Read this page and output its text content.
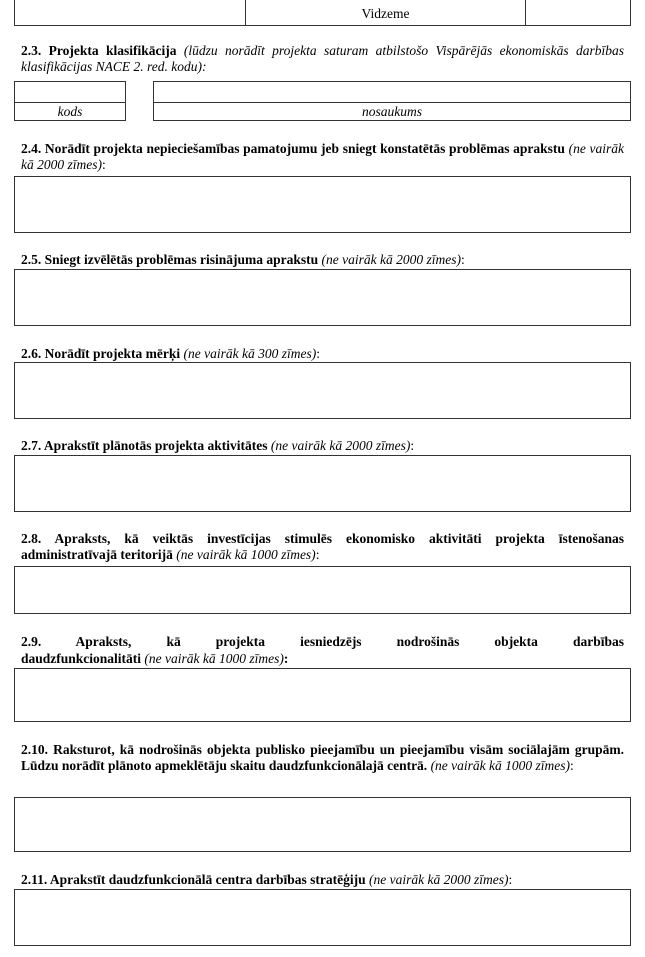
Vidzeme

2.3. Projekta klasifikācija (lūdzu norādīt projekta saturam atbilstošo Vispārējās ekonomiskās darbības klasifikācijas NACE 2. red. kodu):

kods	nosaukums

2.4. Norādīt projekta nepieciešamības pamatojumu jeb sniegt konstatētās problēmas aprakstu (ne vairāk kā 2000 zīmes):

2.5. Sniegt izvēlētās problēmas risinājuma aprakstu (ne vairāk kā 2000 zīmes):

2.6. Norādīt projekta mērķi (ne vairāk kā 300 zīmes):

2.7. Aprakstīt plānotās projekta aktivitātes (ne vairāk kā 2000 zīmes):

2.8. Apraksts, kā veiktās investīcijas stimulēs ekonomisko aktivitāti projekta īstenošanas administratīvajā teritorijā (ne vairāk kā 1000 zīmes):

2.9. Apraksts, kā projekta iesniedzējs nodrošinās objekta darbības

daudzfunkcionalitāti (ne vairāk kā 1000 zīmes):

2.10. Raksturot, kā nodrošinās objekta publisko pieejamību un pieejamību visām sociālajām grupām. Lūdzu norādīt plānoto apmeklētāju skaitu daudzfunkcionālajā centrā. (ne vairāk kā 1000 zīmes):

2.11. Aprakstīt daudzfunkcionālā centra darbības stratēģiju (ne vairāk kā 2000 zīmes):
